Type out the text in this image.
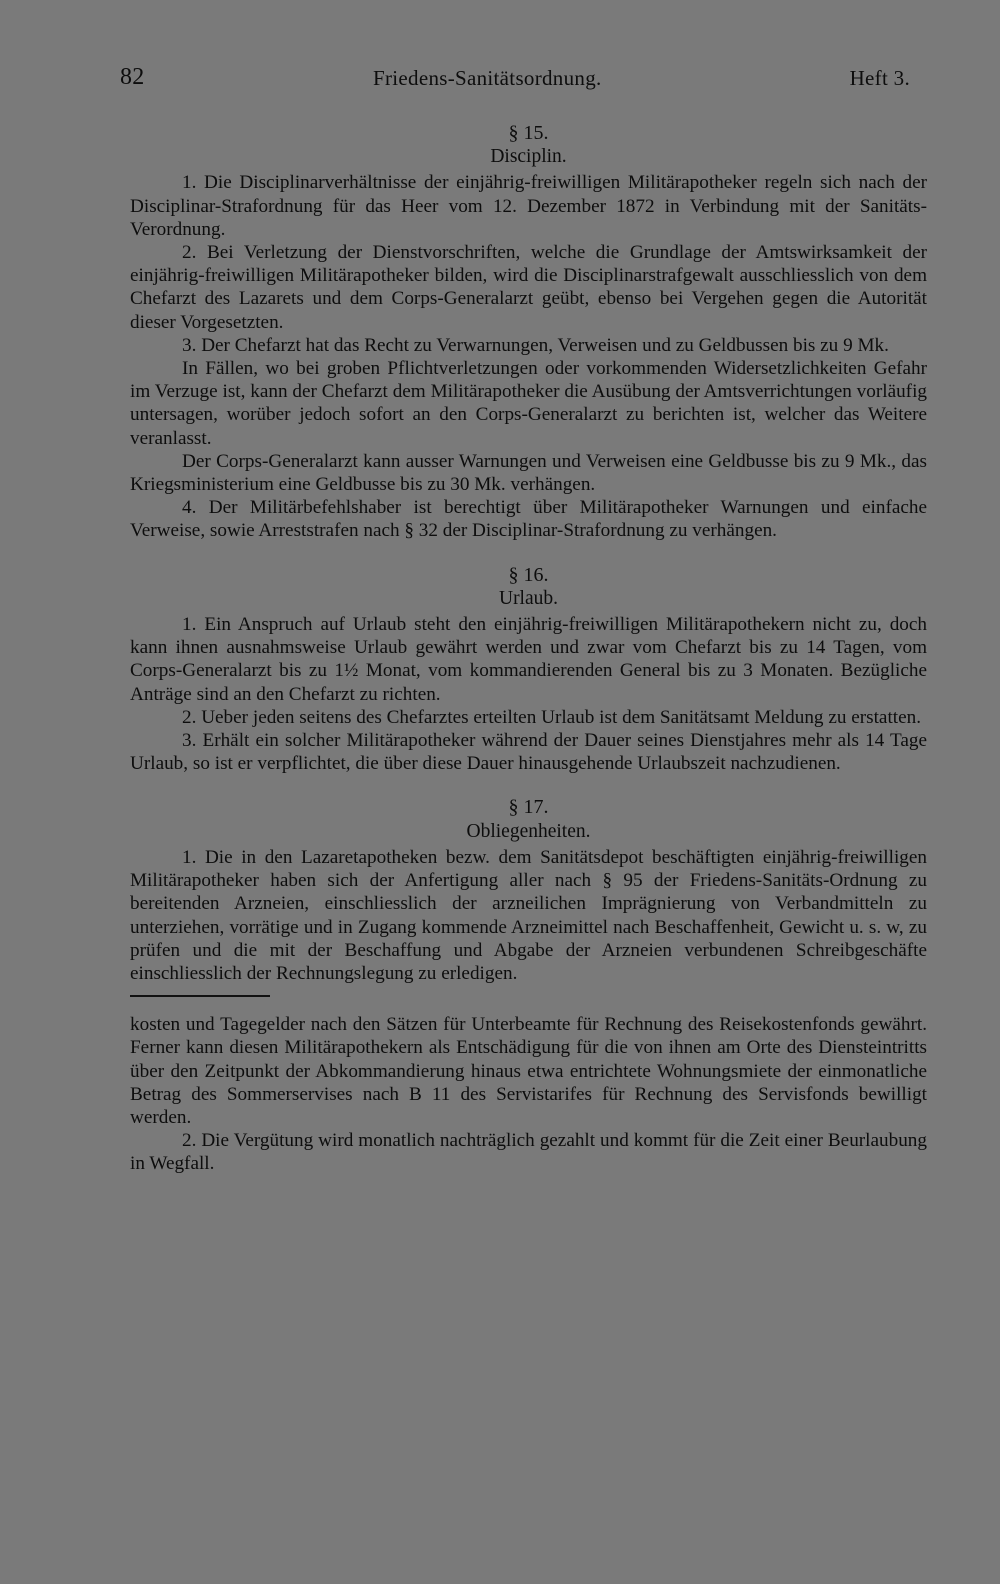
82	Friedens-Sanitätsordnung.	Heft 3.
§ 15.
Disciplin.

1. Die Disciplinarverhältnisse der einjährig-freiwilligen Militärapotheker regeln sich nach der Disciplinar-Strafordnung für das Heer vom 12. Dezember 1872 in Verbindung mit der Sanitäts-Verordnung.

2. Bei Verletzung der Dienstvorschriften, welche die Grundlage der Amtswirksamkeit der einjährig-freiwilligen Militärapotheker bilden, wird die Disciplinarstrafgewalt ausschliesslich von dem Chefarzt des Lazarets und dem Corps-Generalarzt geübt, ebenso bei Vergehen gegen die Autorität dieser Vorgesetzten.

3. Der Chefarzt hat das Recht zu Verwarnungen, Verweisen und zu Geldbussen bis zu 9 Mk.

In Fällen, wo bei groben Pflichtverletzungen oder vorkommenden Widersetzlichkeiten Gefahr im Verzuge ist, kann der Chefarzt dem Militärapotheker die Ausübung der Amtsverrichtungen vorläufig untersagen, worüber jedoch sofort an den Corps-Generalarzt zu berichten ist, welcher das Weitere veranlasst.

Der Corps-Generalarzt kann ausser Warnungen und Verweisen eine Geldbusse bis zu 9 Mk., das Kriegsministerium eine Geldbusse bis zu 30 Mk. verhängen.

4. Der Militärbefehlshaber ist berechtigt über Militärapotheker Warnungen und einfache Verweise, sowie Arreststrafen nach § 32 der Disciplinar-Strafordnung zu verhängen.

§ 16.
Urlaub.

1. Ein Anspruch auf Urlaub steht den einjährig-freiwilligen Militärapothekern nicht zu, doch kann ihnen ausnahmsweise Urlaub gewährt werden und zwar vom Chefarzt bis zu 14 Tagen, vom Corps-Generalarzt bis zu 1½ Monat, vom kommandierenden General bis zu 3 Monaten. Bezügliche Anträge sind an den Chefarzt zu richten.

2. Ueber jeden seitens des Chefarztes erteilten Urlaub ist dem Sanitätsamt Meldung zu erstatten.

3. Erhält ein solcher Militärapotheker während der Dauer seines Dienstjahres mehr als 14 Tage Urlaub, so ist er verpflichtet, die über diese Dauer hinausgehende Urlaubszeit nachzudienen.

§ 17.
Obliegenheiten.

1. Die in den Lazaretapotheken bezw. dem Sanitätsdepot beschäftigten einjährig-freiwilligen Militärapotheker haben sich der Anfertigung aller nach § 95 der Friedens-Sanitäts-Ordnung zu bereitenden Arzneien, einschliesslich der arzneilichen Imprägnierung von Verbandmitteln zu unterziehen, vorrätige und in Zugang kommende Arzneimittel nach Beschaffenheit, Gewicht u. s. w, zu prüfen und die mit der Beschaffung und Abgabe der Arzneien verbundenen Schreibgeschäfte einschliesslich der Rechnungslegung zu erledigen.

kosten und Tagegelder nach den Sätzen für Unterbeamte für Rechnung des Reisekostenfonds gewährt. Ferner kann diesen Militärapothekern als Entschädigung für die von ihnen am Orte des Diensteintritts über den Zeitpunkt der Abkommandierung hinaus etwa entrichtete Wohnungsmiete der einmonatliche Betrag des Sommerservises nach B 11 des Servistarifes für Rechnung des Servisfonds bewilligt werden.

2. Die Vergütung wird monatlich nachträglich gezahlt und kommt für die Zeit einer Beurlaubung in Wegfall.
